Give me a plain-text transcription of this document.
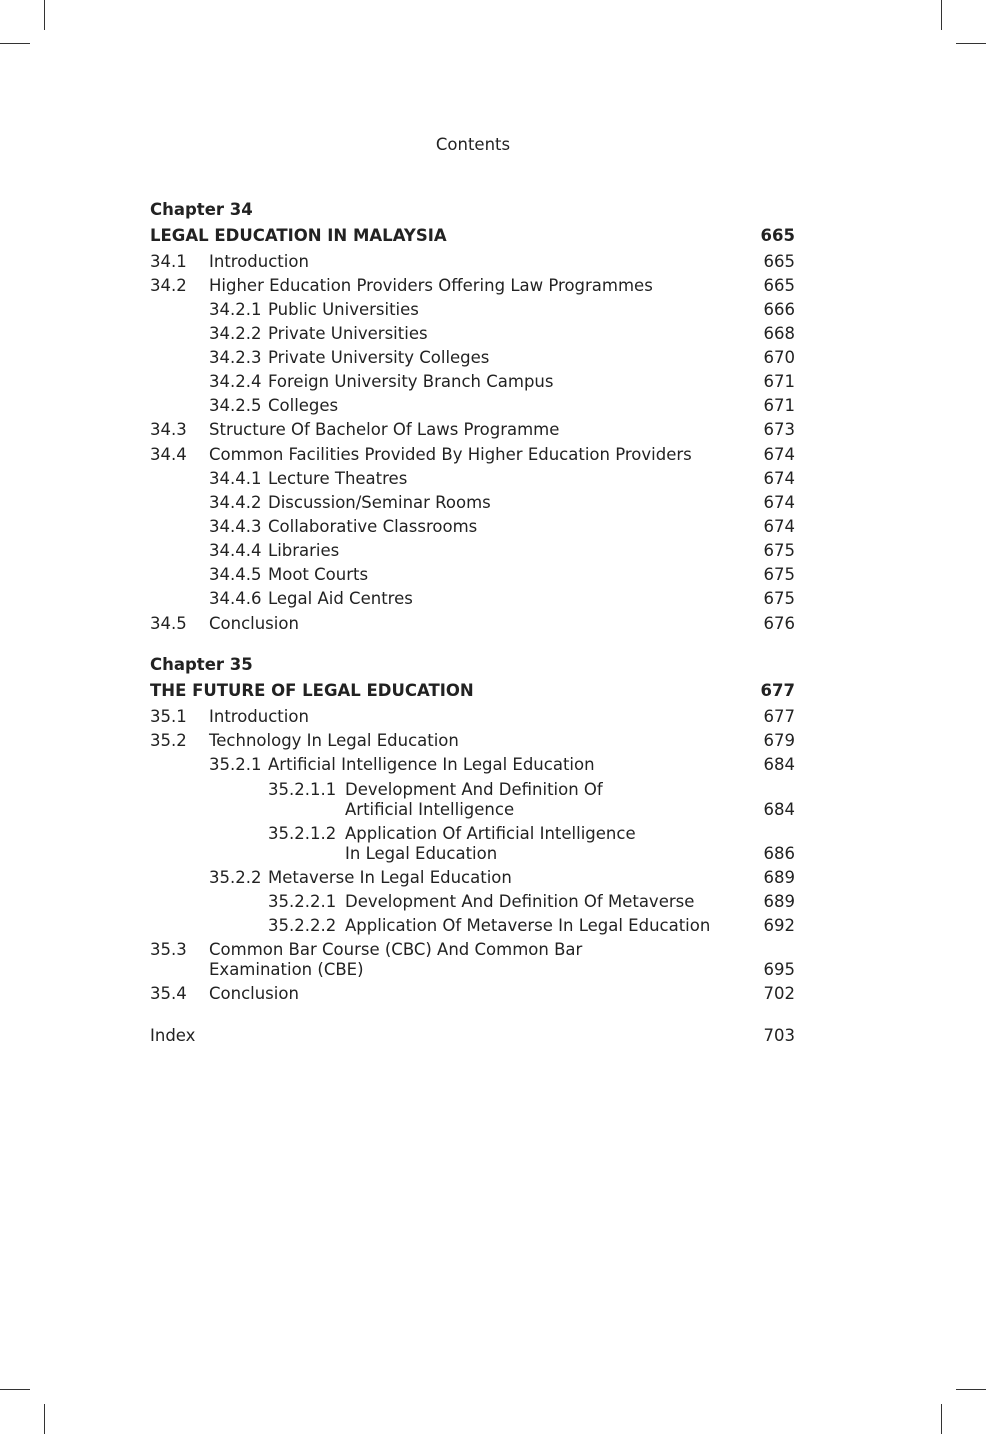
Contents
Chapter 34
LEGAL EDUCATION IN MALAYSIA	665
34.1 Introduction	665
34.2 Higher Education Providers Offering Law Programmes	665
34.2.1 Public Universities	666
34.2.2 Private Universities	668
34.2.3 Private University Colleges	670
34.2.4 Foreign University Branch Campus	671
34.2.5 Colleges	671
34.3 Structure Of Bachelor Of Laws Programme	673
34.4 Common Facilities Provided By Higher Education Providers	674
34.4.1 Lecture Theatres	674
34.4.2 Discussion/Seminar Rooms	674
34.4.3 Collaborative Classrooms	674
34.4.4 Libraries	675
34.4.5 Moot Courts	675
34.4.6 Legal Aid Centres	675
34.5 Conclusion	676
Chapter 35
THE FUTURE OF LEGAL EDUCATION	677
35.1 Introduction	677
35.2 Technology In Legal Education	679
35.2.1 Artificial Intelligence In Legal Education	684
35.2.1.1 Development And Definition Of
Artificial Intelligence	684
35.2.1.2 Application Of Artificial Intelligence
In Legal Education	686
35.2.2 Metaverse In Legal Education	689
35.2.2.1 Development And Definition Of Metaverse	689
35.2.2.2 Application Of Metaverse In Legal Education	692
35.3 Common Bar Course (CBC) And Common Bar
Examination (CBE)	695
35.4 Conclusion	702
Index	703
